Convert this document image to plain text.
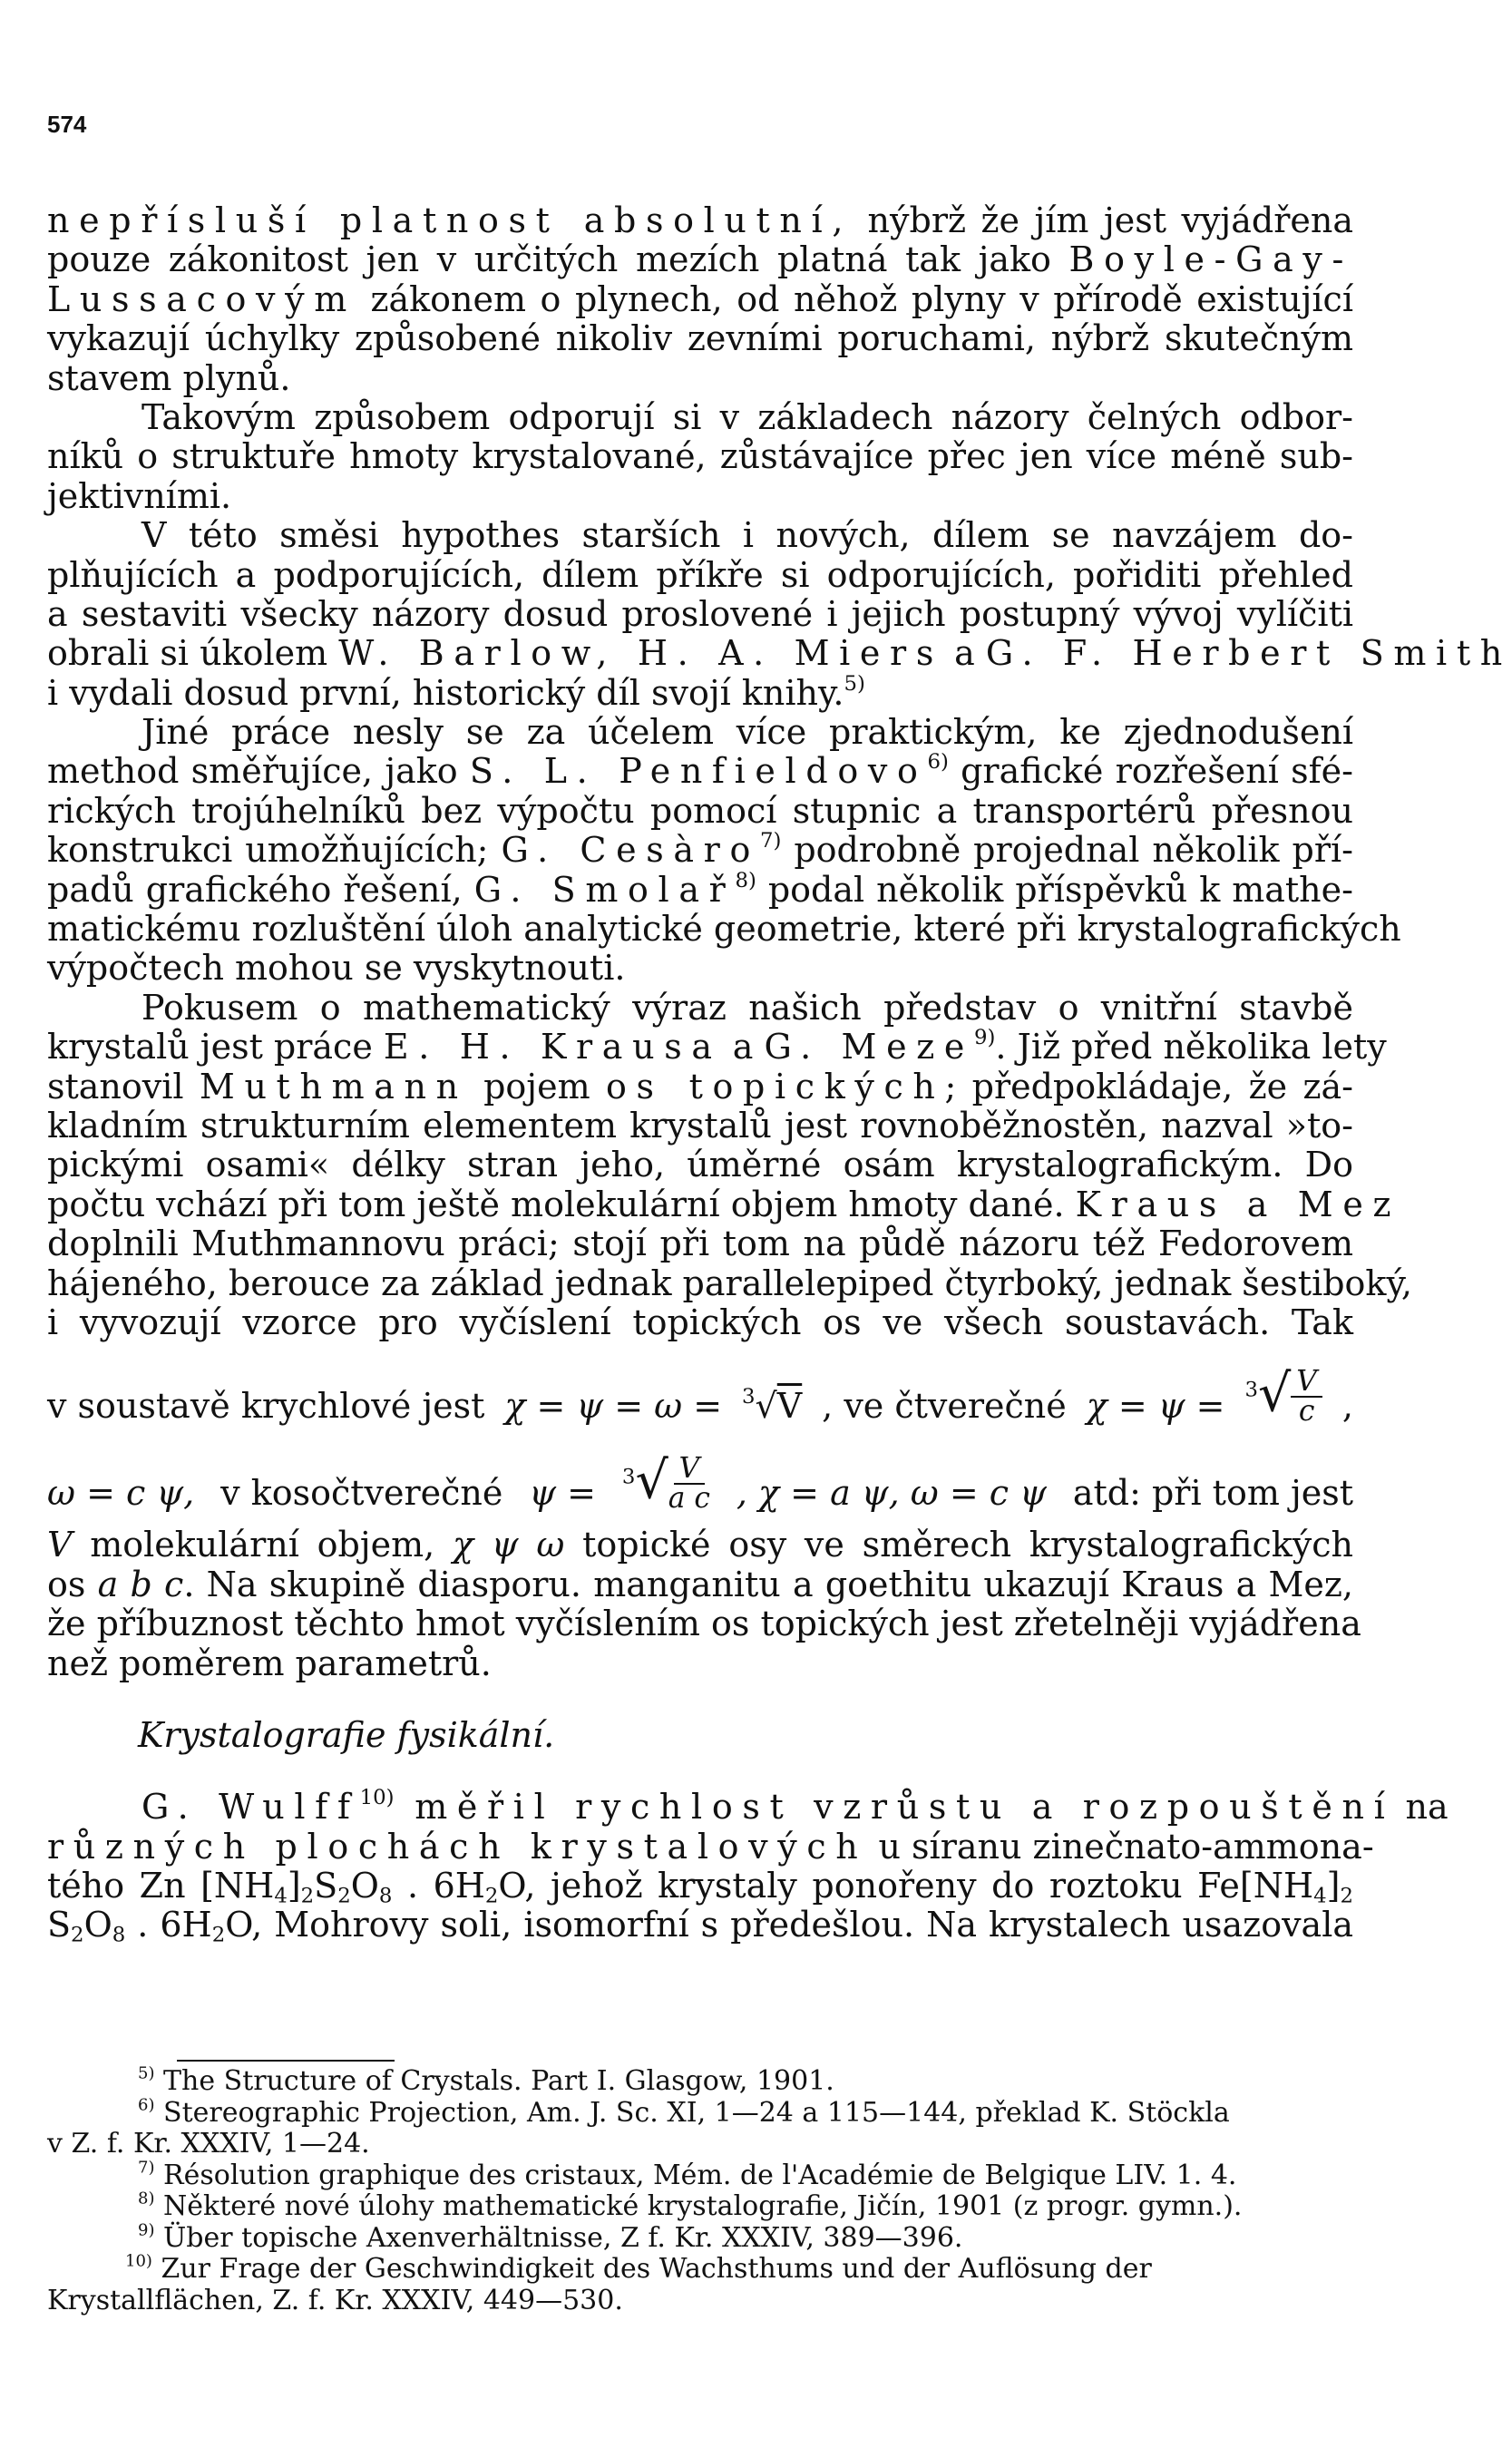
574
nepřísluší platnost absolutní, nýbrž že jím jest vyjádřena
pouze zákonitost jen v určitých mezích platná tak jako Boyle-Gay-
Lussacovým zákonem o plynech, od něhož plyny v přírodě existující
vykazují úchylky způsobené nikoliv zevními poruchami, nýbrž skutečným
stavem plynů.
Takovým způsobem odporují si v základech názory čelných odbor-
níků o struktuře hmoty krystalované, zůstávajíce přec jen více méně sub-
jektivními.
V této směsi hypothes starších i nových, dílem se navzájem do-
plňujících a podporujících, dílem příkře si odporujících, pořiditi přehled
a sestaviti všecky názory dosud proslovené i jejich postupný vývoj vylíčiti
obrali si úkolem W. Barlow, H. A. Miers a G. F. Herbert Smith
i vydali dosud první, historický díl svojí knihy.$^{5)}$
Jiné práce nesly se za účelem více praktickým, ke zjednodušení
method směřujíce, jako S. L. Penfieldovo$^{6)}$ grafické rozřešení sfé-
rických trojúhelníků bez výpočtu pomocí stupnic a transportérů přesnou
konstrukci umožňujících; G. Cesàro$^{7)}$ podrobně projednal několik pří-
padů grafického řešení, G. Smolař$^{8)}$ podal několik příspěvků k mathe-
matickému rozluštění úloh analytické geometrie, které při krystalografických
výpočtech mohou se vyskytnouti.
Pokusem o mathematický výraz našich představ o vnitřní stavbě
krystalů jest práce E. H. Krausa a G. Meze$^{9)}$. Již před několika lety
stanovil Muthmann pojem os topických; předpokládaje, že zá-
kladním strukturním elementem krystalů jest rovnoběžnostěn, nazval »to-
pickými osami« délky stran jeho, úměrné osám krystalografickým. Do
počtu vchází při tom ještě molekulární objem hmoty dané. Kraus a Mez
doplnili Muthmannovu práci; stojí při tom na půdě názoru též Fedorovem
hájeného, berouce za základ jednak parallelepiped čtyrboký, jednak šestiboký,
i vyvozují vzorce pro vyčíslení topických os ve všech soustavách. Tak
v soustavě krychlové jest χ = ψ = ω = $^3$√V , ve čtverečné $\chi = \psi = ^3√ \frac{V}{c}$ ,
ω = c ψ, v kosočtverečné $\psi = ^3√ \frac{V}{\text{a c}}$ , χ = a ψ, ω = c ψ atd: při tom jest
V molekulární objem, χ ψ ω topické osy ve směrech krystalografických
os a b c. Na skupině diasporu. manganitu a goethitu ukazují Kraus a Mez,
že příbuznost těchto hmot vyčíslením os topických jest zřetelněji vyjádřena
než poměrem parametrů.
Krystalografie fysikální.
G. Wulff$^{10)}$ měřil rychlost vzrůstu a rozpouštění na
různých plochách krystalových u síranu zinečnato-ammona-
tého Zn $[NH_4]_2S_2O_8$ . $6H_2O$, jehož krystaly ponořeny do roztoku $Fe[NH_4]_2$
$S_2O_8$ . $6H_2O$, Mohrovy soli, isomorfní s předešlou. Na krystalech usazovala
$^{5)}$ The Structure of Crystals. Part I. Glasgow, 1901.
$^{6)}$ Stereographic Projection, Am. J. Sc. XI, 1—24 a 115—144, překlad K. Stöckla
v Z. f. Kr. XXXIV, 1—24.
$^{7)}$ Résolution graphique des cristaux, Mém. de l'Académie de Belgique LIV. 1. 4.
$^{8)}$ Některé nové úlohy mathematické krystalografie, Jičín, 1901 (z progr. gymn.).
$^{9)}$ Über topische Axenverhältnisse, Z f. Kr. XXXIV, 389—396.
$^{10)}$ Zur Frage der Geschwindigkeit des Wachsthums und der Auflösung der
Krystallflächen, Z. f. Kr. XXXIV, 449—530.
